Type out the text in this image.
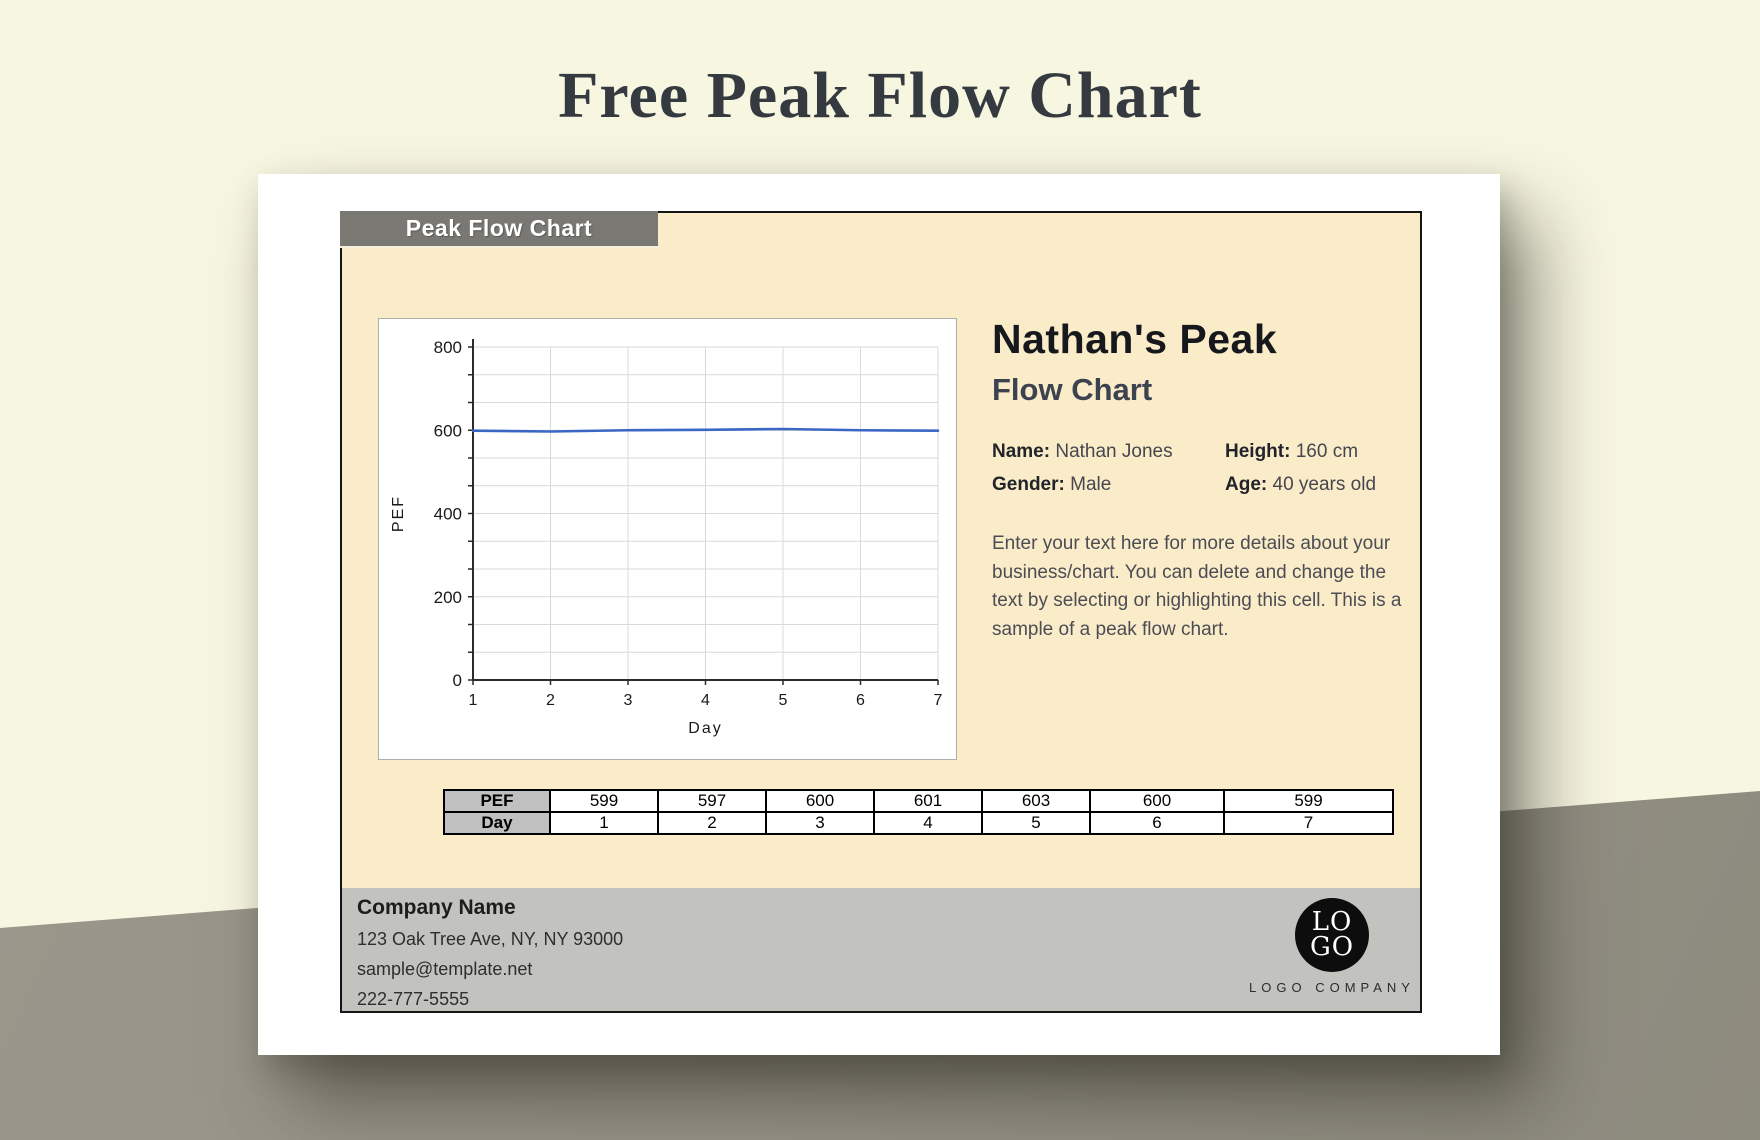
Free Peak Flow Chart
Peak Flow Chart
0
200
400
600
800
1	2	3	4	5	6	7
Day
PEF
Nathan's Peak
Flow Chart
Name: Nathan Jones	Height: 160 cm
Gender: Male	Age: 40 years old

Enter your text here for more details about your business/chart. You can delete and change the text by selecting or highlighting this cell. This is a sample of a peak flow chart.

PEF	599	597	600	601	603	600	599
Day	1	2	3	4	5	6	7
Company Name
123 Oak Tree Ave, NY, NY 93000
sample@template.net
222-777-5555
LO
GO
LOGO COMPANY
